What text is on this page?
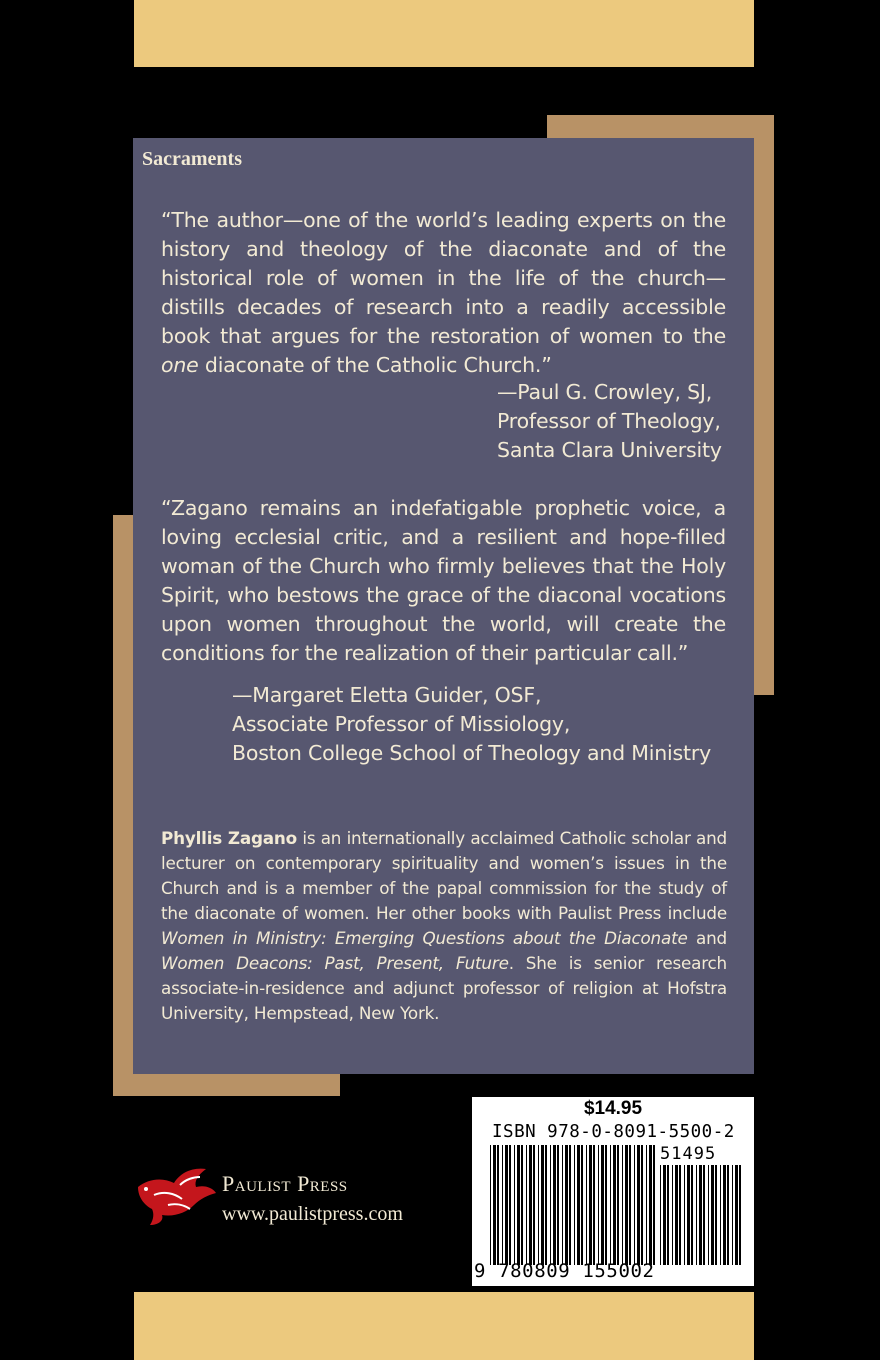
Sacraments
“The author—one of the world’s leading experts on the history and theology of the diaconate and of the historical role of women in the life of the church—distills decades of research into a readily accessible book that argues for the restoration of women to the one diaconate of the Catholic Church.”
—Paul G. Crowley, SJ,
Professor of Theology,
Santa Clara University
“Zagano remains an indefatigable prophetic voice, a loving ecclesial critic, and a resilient and hope-filled woman of the Church who firmly believes that the Holy Spirit, who bestows the grace of the diaconal vocations upon women throughout the world, will create the conditions for the realization of their particular call.”
—Margaret Eletta Guider, OSF,
Associate Professor of Missiology,
Boston College School of Theology and Ministry
Phyllis Zagano is an internationally acclaimed Catholic scholar and lecturer on contemporary spirituality and women’s issues in the Church and is a member of the papal commission for the study of the diaconate of women. Her other books with Paulist Press include Women in Ministry: Emerging Questions about the Diaconate and Women Deacons: Past, Present, Future. She is senior research associate-in-residence and adjunct professor of religion at Hofstra University, Hempstead, New York.
Paulist Press
www.paulistpress.com
$14.95
ISBN 978-0-8091-5500-2
51495
9 780809 155002
